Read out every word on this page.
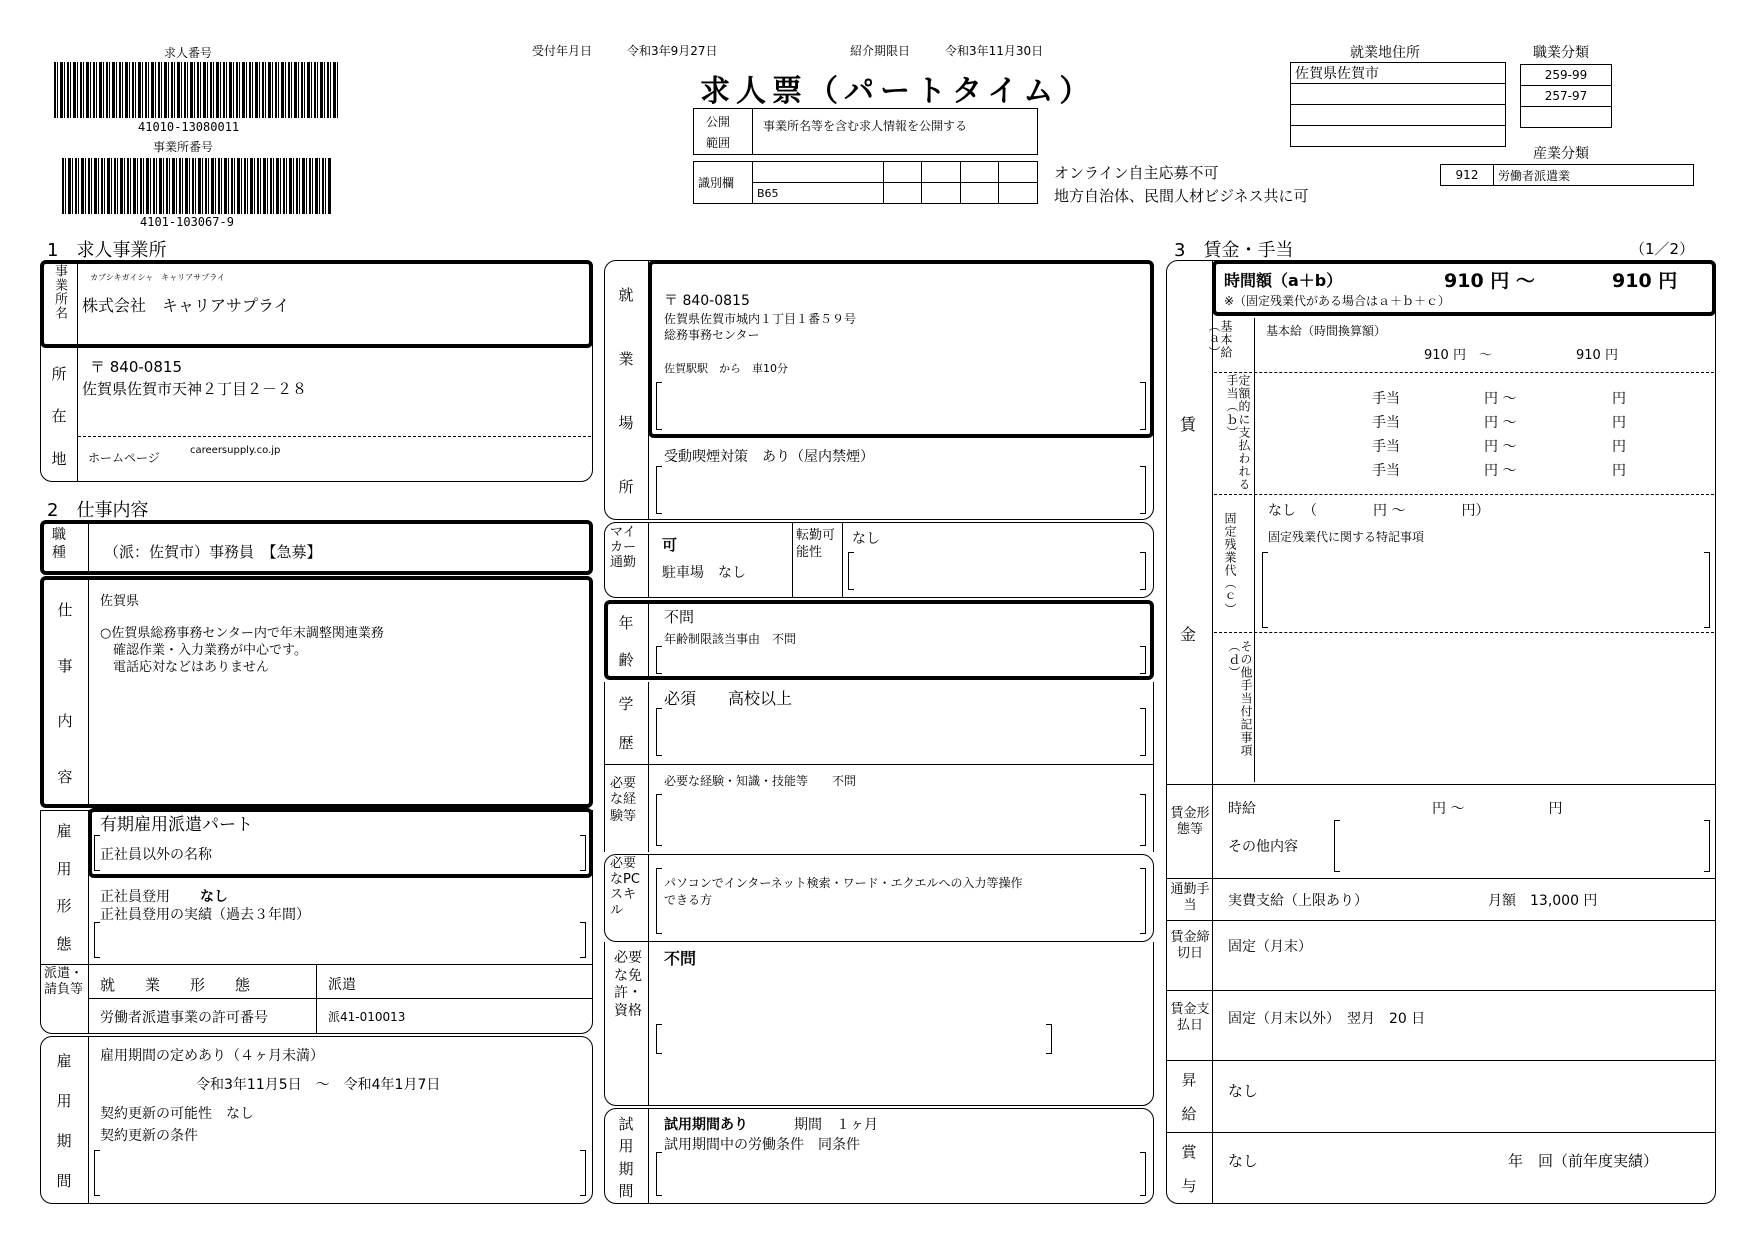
求人番号
41010-13080011
事業所番号
4101-103067-9
受付年月日	令和3年9月27日	紹介期限日	令和3年11月30日
求人票（パートタイム）
公開
範囲
事業所名等を含む求人情報を公開する
識別欄					
	B65				
オンライン自主応募不可
地方自治体、民間人材ビジネス共に可
就業地住所
佐賀県佐賀市

職業分類
259-99
257-97

産業分類
912	労働者派遣業
1　求人事業所
事業所名	カブシキガイシャ　キャリアサプライ
株式会社　キャリアサプライ
所
在
地
〒 840-0815
佐賀県佐賀市天神２丁目２－２８
ホームページ
careersupply.co.jp
2　仕事内容
職
種	（派：佐賀市）事務員　【急募】
仕
事
内
容
佐賀県
○佐賀県総務事務センター内で年末調整関連業務
　確認作業・入力業務が中心です。
　電話応対などはありません
雇
用
形
態
有期雇用派遣パート
正社員以外の名称
正社員登用 なし
正社員登用の実績（過去３年間）
派遣・請負等 就　　業　　形　　態	派遣
労働者派遣事業の許可番号	派41-010013
雇
用
期
間
雇用期間の定めあり（４ヶ月未満）
令和3年11月5日　～　令和4年1月7日
契約更新の可能性　なし
契約更新の条件
就
業
場
所
〒 840-0815
佐賀県佐賀市城内１丁目１番５９号
総務事務センター
佐賀駅駅　から　車10分
受動喫煙対策　あり（屋内禁煙）
マイカー通勤
可
駐車場　なし
転勤可能性
なし
年
齢
不問
年齢制限該当事由　不問
学
歴
必須　　高校以上
必要な経験等
必要な経験・知識・技能等　　不問
必要なPCスキル
パソコンでインターネット検索・ワード・エクエルへの入力等操作
できる方
必要な免許・資格
不問
試
用
期
間
試用期間あり	期間　１ヶ月
試用期間中の労働条件　同条件
3　賃金・手当	（1／2）
時間額（a＋b）	910 円 ～	910 円
※（固定残業代がある場合はａ＋ｂ＋ｃ）
賃
金
基本給（ａ）	基本給（時間換算額）
910 円　～	910 円
定額的に支払われる手当（ｂ）	手当	円 ～	円
手当	円 ～	円
手当	円 ～	円
手当	円 ～	円
固定残業代（ｃ）
なし　（　　　　円 ～　　　　円）
固定残業代に関する特記事項
その他手当付記事項（ｄ）
賃金形態等
時給	円 ～　　　　　　円
その他内容
通勤手当	実費支給（上限あり）	月額　13,000 円
賃金締切日	固定（月末）
賃金支払日	固定（月末以外）　翌月　20 日
昇
給
なし
賞
与
なし	年　回（前年度実績）
